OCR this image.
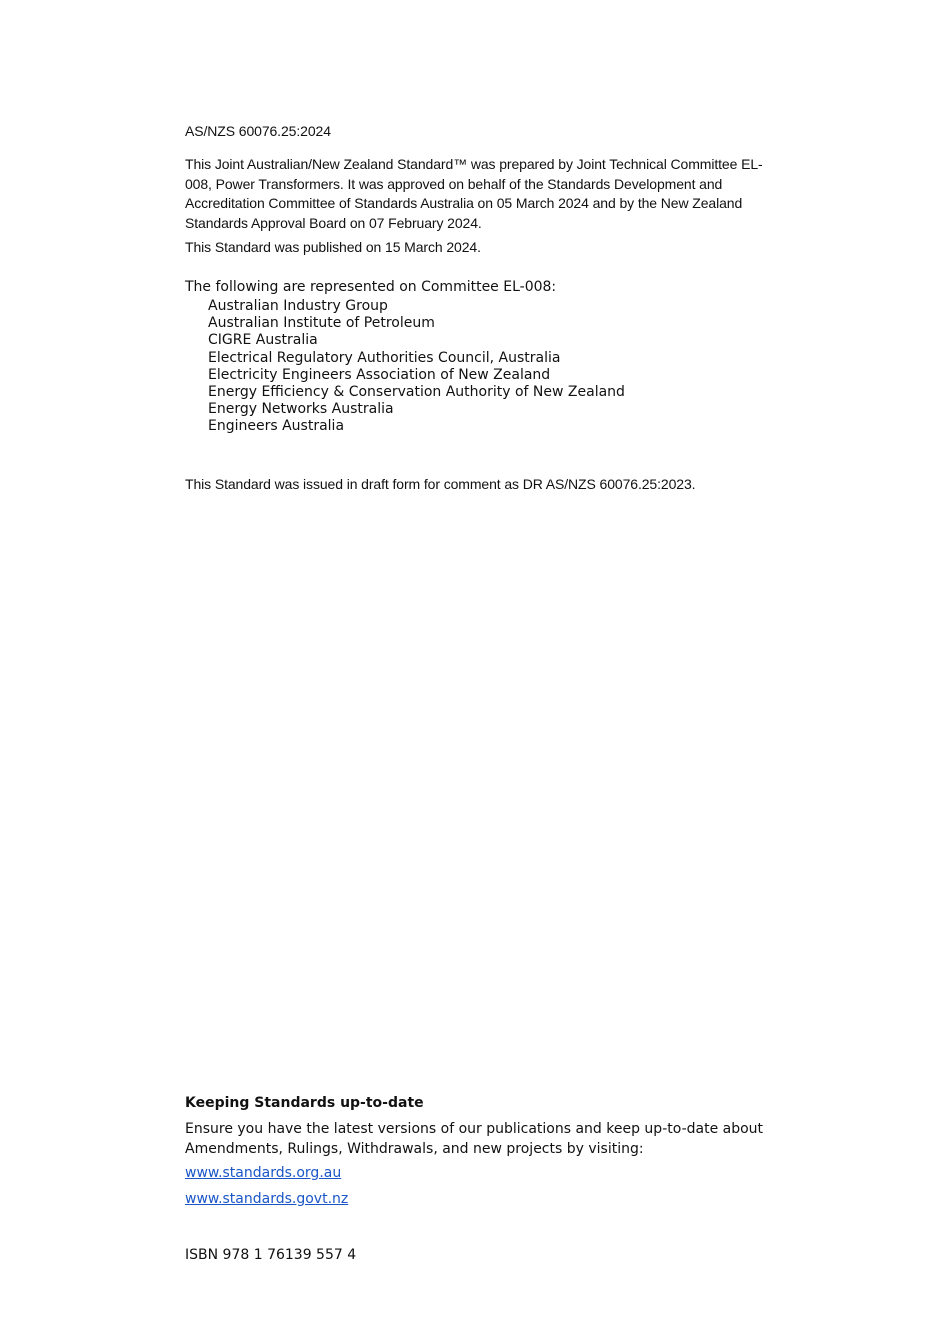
AS/NZS 60076.25:2024

This Joint Australian/New Zealand Standard™ was prepared by Joint Technical Committee EL-008, Power Transformers. It was approved on behalf of the Standards Development and Accreditation Committee of Standards Australia on 05 March 2024 and by the New Zealand Standards Approval Board on 07 February 2024.

This Standard was published on 15 March 2024.

The following are represented on Committee EL-008:

Australian Industry Group
Australian Institute of Petroleum
CIGRE Australia
Electrical Regulatory Authorities Council, Australia
Electricity Engineers Association of New Zealand
Energy Efficiency & Conservation Authority of New Zealand
Energy Networks Australia
Engineers Australia

This Standard was issued in draft form for comment as DR AS/NZS 60076.25:2023.

Keeping Standards up-to-date

Ensure you have the latest versions of our publications and keep up-to-date about Amendments, Rulings, Withdrawals, and new projects by visiting:

www.standards.org.au
www.standards.govt.nz

ISBN 978 1 76139 557 4
